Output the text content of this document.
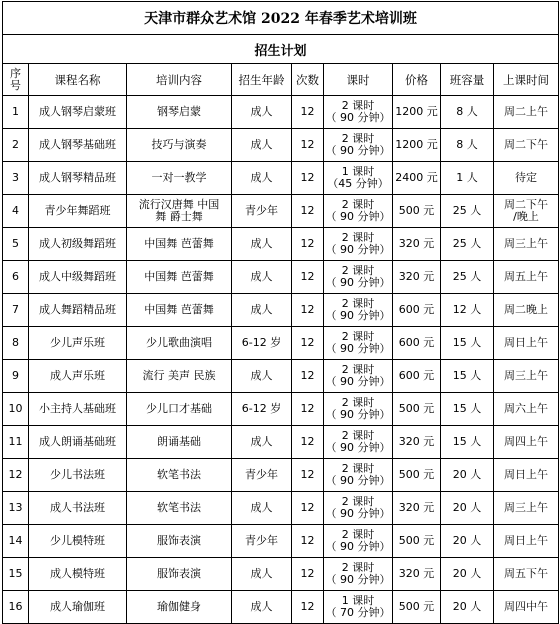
天津市群众艺术馆 2022 年春季艺术培训班								
招生计划								

序
号	课程名称	培训内容	招生年龄	次数	课时	价格	班容量	上课时间
1	成人钢琴启蒙班	钢琴启蒙	成人	12	2 课时
（ 90 分钟）	1200 元	8 人	周二上午

2	成人钢琴基础班	技巧与演奏	成人	12	2 课时
（ 90 分钟）	1200 元	8 人	周二下午

3	成人钢琴精品班	一对一教学	成人	12	1 课时
（45 分钟）	2400 元	1 人	待定

4	青少年舞蹈班	流行汉唐舞 中国
舞 爵士舞	青少年	12	2 课时
（ 90 分钟）	500 元	25 人	周二下午
/晚上

5	成人初级舞蹈班	中国舞 芭蕾舞	成人	12	2 课时
（ 90 分钟）	320 元	25 人	周三上午

6	成人中级舞蹈班	中国舞 芭蕾舞	成人	12	2 课时
（ 90 分钟）	320 元	25 人	周五上午

7	成人舞蹈精品班	中国舞 芭蕾舞	成人	12	2 课时
（ 90 分钟）	600 元	12 人	周二晚上

8	少儿声乐班	少儿歌曲演唱	6-12 岁	12	2 课时
（ 90 分钟）	600 元	15 人	周日上午

9	成人声乐班	流行 美声 民族	成人	12	2 课时
（ 90 分钟）	600 元	15 人	周三上午

10	小主持人基础班	少儿口才基础	6-12 岁	12	2 课时
（ 90 分钟）	500 元	15 人	周六上午

11	成人朗诵基础班	朗诵基础	成人	12	2 课时
（ 90 分钟）	320 元	15 人	周四上午

12	少儿书法班	软笔书法	青少年	12	2 课时
（ 90 分钟）	500 元	20 人	周日上午

13	成人书法班	软笔书法	成人	12	2 课时
（ 90 分钟）	320 元	20 人	周三上午

14	少儿模特班	服饰表演	青少年	12	2 课时
（ 90 分钟）	500 元	20 人	周日上午

15	成人模特班	服饰表演	成人	12	2 课时
（ 90 分钟）	320 元	20 人	周五下午

16	成人瑜伽班	瑜伽健身	成人	12	1 课时
（ 70 分钟）	500 元	20 人	周四中午
